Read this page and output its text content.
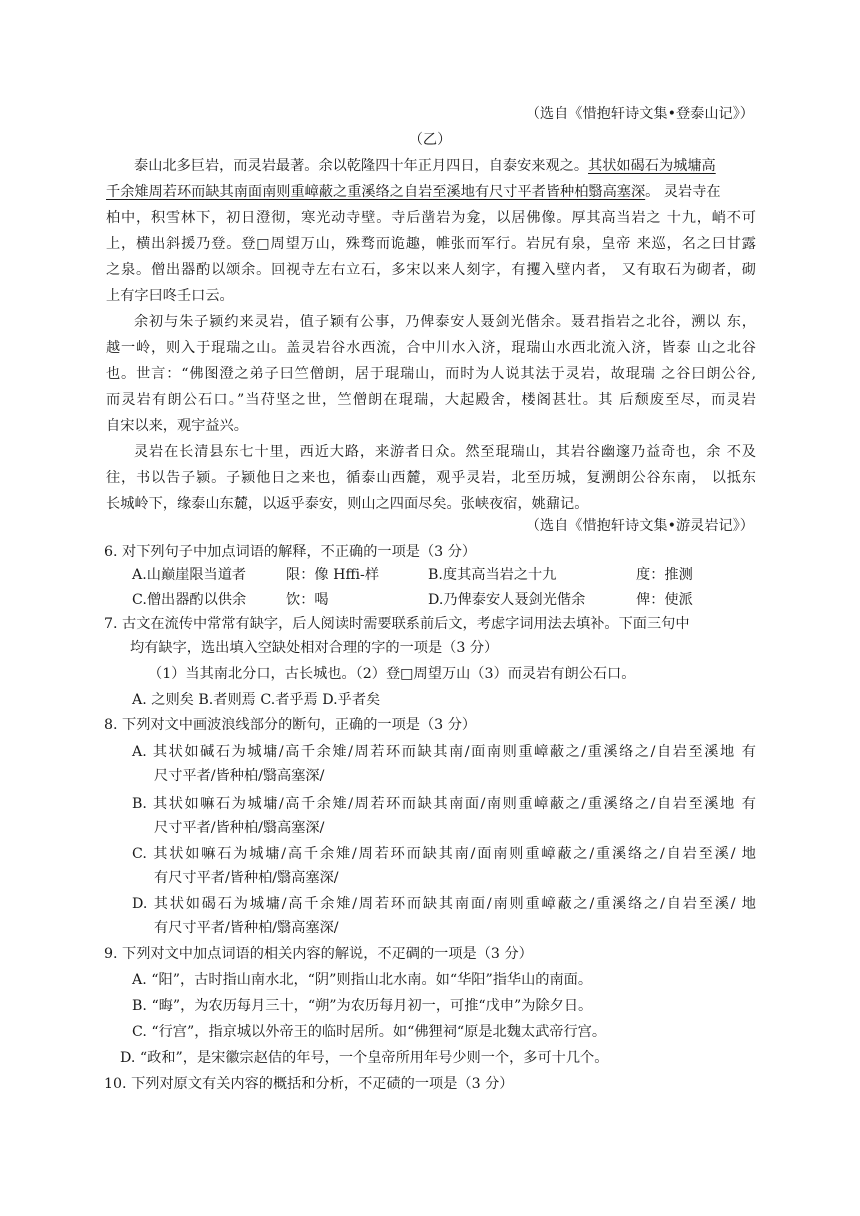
（选自《惜抱轩诗文集•登泰山记》）
（乙）
泰山北多巨岩，而灵岩最著。余以乾隆四十年正月四日，自泰安来观之。其状如碣石为城墉高
千余雉周若环而缺其南面南则重嶂蔽之重溪络之自岩至溪地有尺寸平者皆种柏翳高塞深。 灵岩寺在
柏中，积雪林下，初日澄彻，寒光动寺壁。寺后凿岩为龛，以居佛像。厚其高当岩之 十九，峭不可
上，横出斜援乃登。登□周望万山，殊骛而诡趣，帷张而军行。岩尻有泉，皇帝 来巡，名之曰甘露
之泉。僧出器酌以颂余。回视寺左右立石，多宋以来人刻字，有攫入壁内者， 又有取石为砌者，砌
上有字曰咚壬口云。
余初与朱子颍约来灵岩，值子颖有公事，乃俾泰安人聂剑光偕余。聂君指岩之北谷，溯以 东，
越一岭，则入于琨瑞之山。盖灵岩谷水西流，合中川水入济，琨瑞山水西北流入济，皆泰 山之北谷
也。世言：“佛图澄之弟子曰竺僧朗，居于琨瑞山，而时为人说其法于灵岩，故琨瑞 之谷曰朗公谷,
而灵岩有朗公石口。”当苻坚之世，竺僧朗在琨瑞，大起殿舍，楼阁甚壮。其 后颓废至尽，而灵岩
自宋以来，观宇益兴。
灵岩在长清县东七十里，西近大路，来游者日众。然至琨瑞山，其岩谷幽邃乃益奇也，余 不及
往，书以告子颍。子颍他日之来也，循泰山西麓，观乎灵岩，北至历城，复溯朗公谷东南， 以抵东
长城岭下，缘泰山东麓，以返乎泰安，则山之四面尽矣。张峡夜宿，姚鼐记。
（选自《惜抱轩诗文集•游灵岩记》）
6. 对下列句子中加点词语的解释，不正确的一项是（3 分）
A.山巅崖限当道者	限：像 Hffi-样	B.度其高当岩之十九	度：推测
C.僧出器酌以供余	饮：喝	D.乃俾泰安人聂剑光偕余	俾：使派
7. 古文在流传中常常有缺字，后人阅读时需要联系前后文，考虑字词用法去填补。下面三句中
均有缺字，选出填入空缺处相对合理的字的一项是（3 分）
（1）当其南北分口，古长城也。（2）登□周望万山（3）而灵岩有朗公石口。
A. 之则矣 B.者则焉 C.者乎焉 D.乎者矣
8. 下列对文中画波浪线部分的断句，正确的一项是（3 分）
A. 其状如碱石为城墉/高千余雉/周若环而缺其南/面南则重嶂蔽之/重溪络之/自岩至溪地 有
尺寸平者/皆种柏/翳高塞深/
B. 其状如嘛石为城墉/高千余雉/周若环而缺其南面/南则重嶂蔽之/重溪络之/自岩至溪地 有
尺寸平者/皆种柏/翳高塞深/
C. 其状如嘛石为城墉/高千余雉/周若环而缺其南/面南则重嶂蔽之/重溪络之/自岩至溪/ 地
有尺寸平者/皆种柏/翳高塞深/
D. 其状如碣石为城墉/高千余雉/周若环而缺其南面/南则重嶂蔽之/重溪络之/自岩至溪/ 地
有尺寸平者/皆种柏/翳高塞深/
9. 下列对文中加点词语的相关内容的解说，不疋碉的一项是（3 分）
A. “阳”，古时指山南水北，“阴”则指山北水南。如“华阳”指华山的南面。
B. “晦”，为农历每月三十，“朔”为农历每月初一，可推“戊申”为除夕日。
C. “行宫”，指京城以外帝王的临时居所。如“佛狸祠“原是北魏太武帝行宫。
D. “政和”，是宋徽宗赵佶的年号，一个皇帝所用年号少则一个，多可十几个。
10. 下列对原文有关内容的概括和分析，不疋碛的一项是（3 分）
